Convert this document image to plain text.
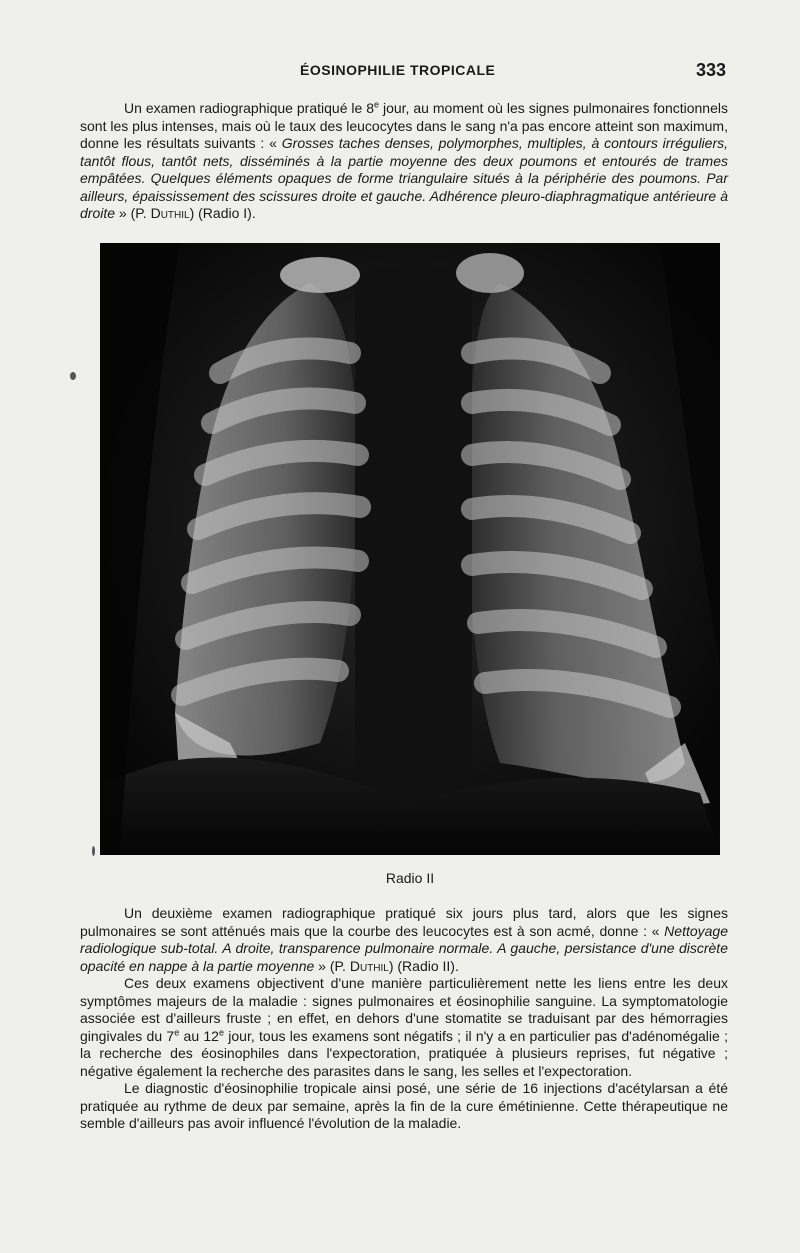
ÉOSINOPHILIE TROPICALE	333

Un examen radiographique pratiqué le 8e jour, au moment où les signes pulmonaires fonctionnels sont les plus intenses, mais où le taux des leucocytes dans le sang n'a pas encore atteint son maximum, donne les résultats suivants : « Grosses taches denses, polymorphes, multiples, à contours irréguliers, tantôt flous, tantôt nets, disséminés à la partie moyenne des deux poumons et entourés de trames empâtées. Quelques éléments opaques de forme triangulaire situés à la périphérie des poumons. Par ailleurs, épaississement des scissures droite et gauche. Adhérence pleuro-diaphragmatique antérieure à droite » (P. Duthil) (Radio I).

Radio II

Un deuxième examen radiographique pratiqué six jours plus tard, alors que les signes pulmonaires se sont atténués mais que la courbe des leucocytes est à son acmé, donne : « Nettoyage radiologique sub-total. A droite, transparence pulmonaire normale. A gauche, persistance d'une discrète opacité en nappe à la partie moyenne » (P. Duthil) (Radio II).

Ces deux examens objectivent d'une manière particulièrement nette les liens entre les deux symptômes majeurs de la maladie : signes pulmonaires et éosinophilie sanguine. La symptomatologie associée est d'ailleurs fruste ; en effet, en dehors d'une stomatite se traduisant par des hémorragies gingivales du 7e au 12e jour, tous les examens sont négatifs ; il n'y a en particulier pas d'adénomégalie ; la recherche des éosinophiles dans l'expectoration, pratiquée à plusieurs reprises, fut négative ; négative également la recherche des parasites dans le sang, les selles et l'expectoration.

Le diagnostic d'éosinophilie tropicale ainsi posé, une série de 16 injections d'acétylarsan a été pratiquée au rythme de deux par semaine, après la fin de la cure émétinienne. Cette thérapeutique ne semble d'ailleurs pas avoir influencé l'évolution de la maladie.
